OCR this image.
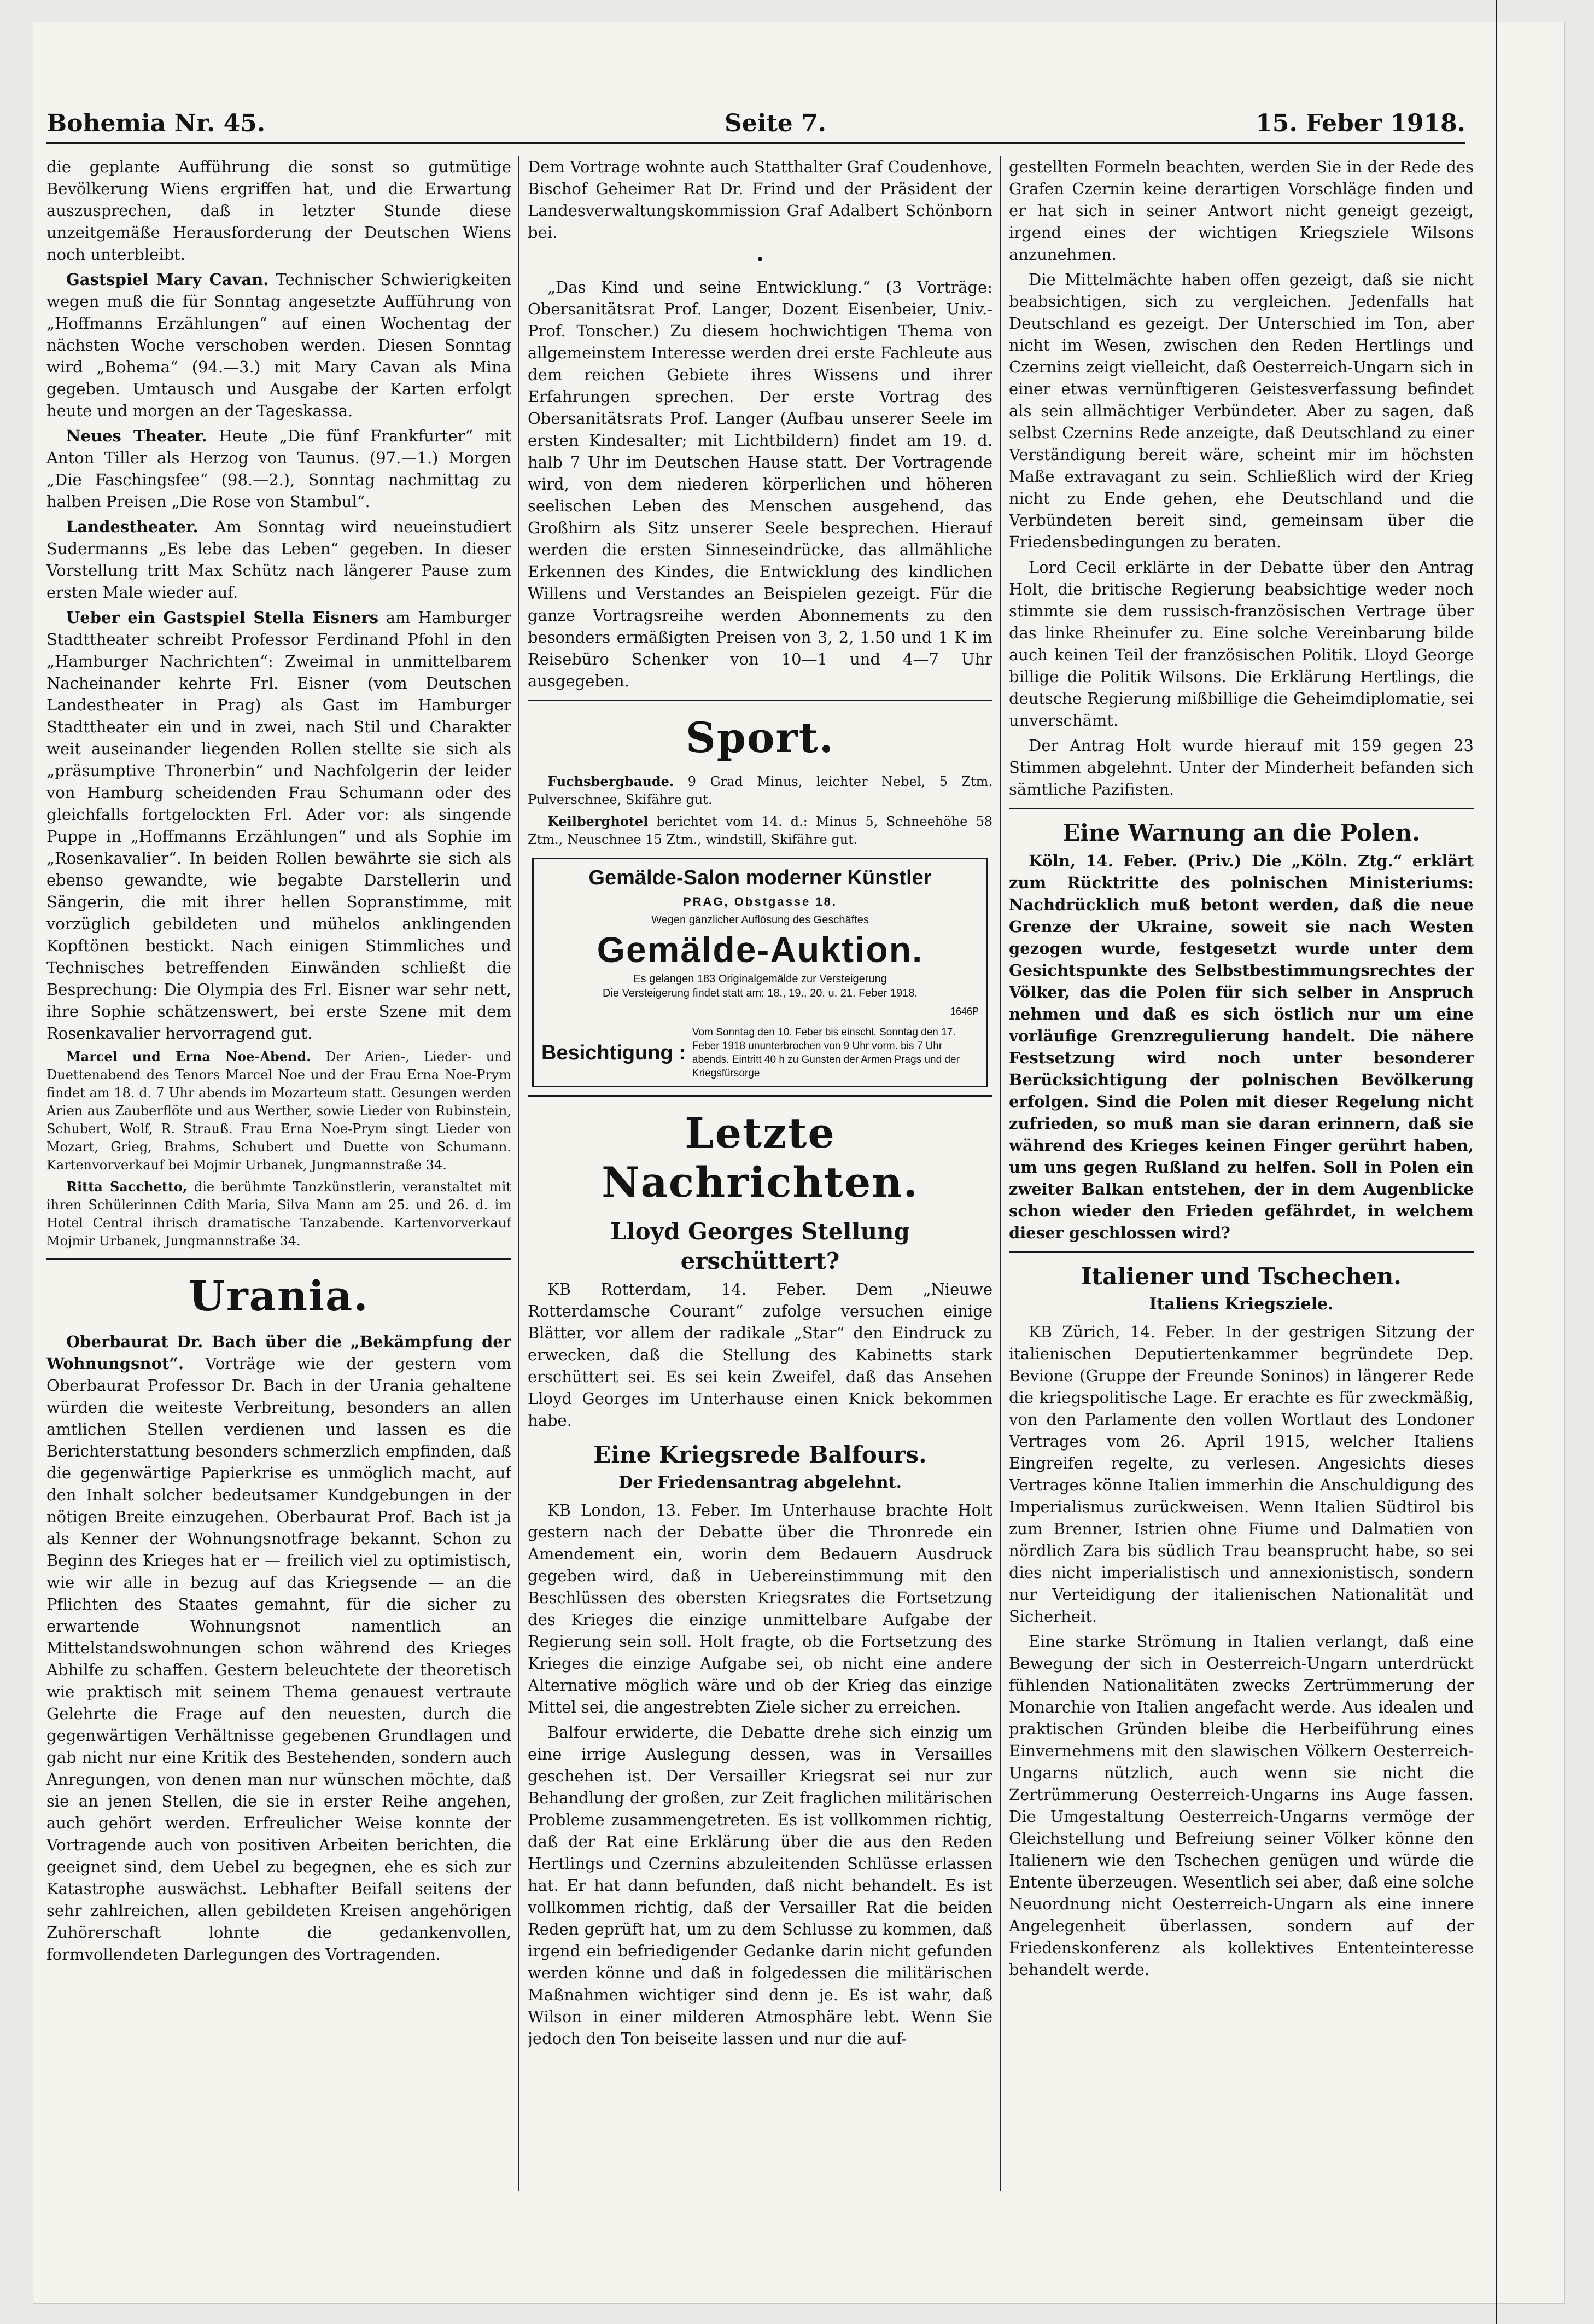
Bohemia Nr. 45.	Seite 7.	15. Feber 1918.

die geplante Aufführung die sonst so gutmütige Bevölkerung Wiens ergriffen hat, und die Erwartung auszusprechen, daß in letzter Stunde diese unzeitgemäße Herausforderung der Deutschen Wiens noch unterbleibt.

Gastspiel Mary Cavan. Technischer Schwierigkeiten wegen muß die für Sonntag angesetzte Aufführung von „Hoffmanns Erzählungen“ auf einen Wochentag der nächsten Woche verschoben werden. Diesen Sonntag wird „Bohema“ (94.—3.) mit Mary Cavan als Mina gegeben. Umtausch und Ausgabe der Karten erfolgt heute und morgen an der Tageskassa.

Neues Theater. Heute „Die fünf Frankfurter“ mit Anton Tiller als Herzog von Taunus. (97.—1.) Morgen „Die Faschingsfee“ (98.—2.), Sonntag nachmittag zu halben Preisen „Die Rose von Stambul“.

Landestheater. Am Sonntag wird neueinstudiert Sudermanns „Es lebe das Leben“ gegeben. In dieser Vorstellung tritt Max Schütz nach längerer Pause zum ersten Male wieder auf.

Ueber ein Gastspiel Stella Eisners am Hamburger Stadttheater schreibt Professor Ferdinand Pfohl in den „Hamburger Nachrichten“: Zweimal in unmittelbarem Nacheinander kehrte Frl. Eisner (vom Deutschen Landestheater in Prag) als Gast im Hamburger Stadttheater ein und in zwei, nach Stil und Charakter weit auseinander liegenden Rollen stellte sie sich als „präsumptive Thronerbin“ und Nachfolgerin der leider von Hamburg scheidenden Frau Schumann oder des gleichfalls fortgelockten Frl. Ader vor: als singende Puppe in „Hoffmanns Erzählungen“ und als Sophie im „Rosenkavalier“. In beiden Rollen bewährte sie sich als ebenso gewandte, wie begabte Darstellerin und Sängerin, die mit ihrer hellen Sopranstimme, mit vorzüglich gebildeten und mühelos anklingenden Kopftönen bestickt. Nach einigen Stimmliches und Technisches betreffenden Einwänden schließt die Besprechung: Die Olympia des Frl. Eisner war sehr nett, ihre Sophie schätzenswert, bei erste Szene mit dem Rosenkavalier hervorragend gut.

Marcel und Erna Noe-Abend. Der Arien-, Lieder- und Duettenabend des Tenors Marcel Noe und der Frau Erna Noe-Prym findet am 18. d. 7 Uhr abends im Mozarteum statt. Gesungen werden Arien aus Zauberflöte und aus Werther, sowie Lieder von Rubinstein, Schubert, Wolf, R. Strauß. Frau Erna Noe-Prym singt Lieder von Mozart, Grieg, Brahms, Schubert und Duette von Schumann. Kartenvorverkauf bei Mojmir Urbanek, Jungmannstraße 34.

Ritta Sacchetto, die berühmte Tanzkünstlerin, veranstaltet mit ihren Schülerinnen Cdith Maria, Silva Mann am 25. und 26. d. im Hotel Central ihrisch dramatische Tanzabende. Kartenvorverkauf Mojmir Urbanek, Jungmannstraße 34.

Urania.

Oberbaurat Dr. Bach über die „Bekämpfung der Wohnungsnot“. Vorträge wie der gestern vom Oberbaurat Professor Dr. Bach in der Urania gehaltene würden die weiteste Verbreitung, besonders an allen amtlichen Stellen verdienen und lassen es die Berichterstattung besonders schmerzlich empfinden, daß die gegenwärtige Papierkrise es unmöglich macht, auf den Inhalt solcher bedeutsamer Kundgebungen in der nötigen Breite einzugehen. Oberbaurat Prof. Bach ist ja als Kenner der Wohnungsnotfrage bekannt. Schon zu Beginn des Krieges hat er — freilich viel zu optimistisch, wie wir alle in bezug auf das Kriegsende — an die Pflichten des Staates gemahnt, für die sicher zu erwartende Wohnungsnot namentlich an Mittelstandswohnungen schon während des Krieges Abhilfe zu schaffen. Gestern beleuchtete der theoretisch wie praktisch mit seinem Thema genauest vertraute Gelehrte die Frage auf den neuesten, durch die gegenwärtigen Verhältnisse gegebenen Grundlagen und gab nicht nur eine Kritik des Bestehenden, sondern auch Anregungen, von denen man nur wünschen möchte, daß sie an jenen Stellen, die sie in erster Reihe angehen, auch gehört werden. Erfreulicher Weise konnte der Vortragende auch von positiven Arbeiten berichten, die geeignet sind, dem Uebel zu begegnen, ehe es sich zur Katastrophe auswächst. Lebhafter Beifall seitens der sehr zahlreichen, allen gebildeten Kreisen angehörigen Zuhörerschaft lohnte die gedankenvollen, formvollendeten Darlegungen des Vortragenden.

Dem Vortrage wohnte auch Statthalter Graf Coudenhove, Bischof Geheimer Rat Dr. Frind und der Präsident der Landesverwaltungskommission Graf Adalbert Schönborn bei.

•

„Das Kind und seine Entwicklung.“ (3 Vorträge: Obersanitätsrat Prof. Langer, Dozent Eisenbeier, Univ.-Prof. Tonscher.) Zu diesem hochwichtigen Thema von allgemeinstem Interesse werden drei erste Fachleute aus dem reichen Gebiete ihres Wissens und ihrer Erfahrungen sprechen. Der erste Vortrag des Obersanitätsrats Prof. Langer (Aufbau unserer Seele im ersten Kindesalter; mit Lichtbildern) findet am 19. d. halb 7 Uhr im Deutschen Hause statt. Der Vortragende wird, von dem niederen körperlichen und höheren seelischen Leben des Menschen ausgehend, das Großhirn als Sitz unserer Seele besprechen. Hierauf werden die ersten Sinneseindrücke, das allmähliche Erkennen des Kindes, die Entwicklung des kindlichen Willens und Verstandes an Beispielen gezeigt. Für die ganze Vortragsreihe werden Abonnements zu den besonders ermäßigten Preisen von 3, 2, 1.50 und 1 K im Reisebüro Schenker von 10—1 und 4—7 Uhr ausgegeben.

Sport.

Fuchsbergbaude. 9 Grad Minus, leichter Nebel, 5 Ztm. Pulverschnee, Skifähre gut.

Keilberghotel berichtet vom 14. d.: Minus 5, Schneehöhe 58 Ztm., Neuschnee 15 Ztm., windstill, Skifähre gut.

Gemälde-Salon moderner Künstler
PRAG, Obstgasse 18.
Wegen gänzlicher Auflösung des Geschäftes
Gemälde-Auktion.
Es gelangen 183 Originalgemälde zur Versteigerung
Die Versteigerung findet statt am: 18., 19., 20. u. 21. Feber 1918.
1646P
Besichtigung :
Vom Sonntag den 10. Feber bis einschl. Sonntag den 17. Feber 1918 ununterbrochen von 9 Uhr vorm. bis 7 Uhr abends. Eintritt 40 h zu Gunsten der Armen Prags und der Kriegsfürsorge
Letzte Nachrichten.
Lloyd Georges Stellung erschüttert?

KB Rotterdam, 14. Feber. Dem „Nieuwe Rotterdamsche Courant“ zufolge versuchen einige Blätter, vor allem der radikale „Star“ den Eindruck zu erwecken, daß die Stellung des Kabinetts stark erschüttert sei. Es sei kein Zweifel, daß das Ansehen Lloyd Georges im Unterhause einen Knick bekommen habe.

Eine Kriegsrede Balfours.
Der Friedensantrag abgelehnt.

KB London, 13. Feber. Im Unterhause brachte Holt gestern nach der Debatte über die Thronrede ein Amendement ein, worin dem Bedauern Ausdruck gegeben wird, daß in Uebereinstimmung mit den Beschlüssen des obersten Kriegsrates die Fortsetzung des Krieges die einzige unmittelbare Aufgabe der Regierung sein soll. Holt fragte, ob die Fortsetzung des Krieges die einzige Aufgabe sei, ob nicht eine andere Alternative möglich wäre und ob der Krieg das einzige Mittel sei, die angestrebten Ziele sicher zu erreichen.

Balfour erwiderte, die Debatte drehe sich einzig um eine irrige Auslegung dessen, was in Versailles geschehen ist. Der Versailler Kriegsrat sei nur zur Behandlung der großen, zur Zeit fraglichen militärischen Probleme zusammengetreten. Es ist vollkommen richtig, daß der Rat eine Erklärung über die aus den Reden Hertlings und Czernins abzuleitenden Schlüsse erlassen hat. Er hat dann befunden, daß nicht behandelt. Es ist vollkommen richtig, daß der Versailler Rat die beiden Reden geprüft hat, um zu dem Schlusse zu kommen, daß irgend ein befriedigender Gedanke darin nicht gefunden werden könne und daß in folgedessen die militärischen Maßnahmen wichtiger sind denn je. Es ist wahr, daß Wilson in einer milderen Atmosphäre lebt. Wenn Sie jedoch den Ton beiseite lassen und nur die auf-

gestellten Formeln beachten, werden Sie in der Rede des Grafen Czernin keine derartigen Vorschläge finden und er hat sich in seiner Antwort nicht geneigt gezeigt, irgend eines der wichtigen Kriegsziele Wilsons anzunehmen.

Die Mittelmächte haben offen gezeigt, daß sie nicht beabsichtigen, sich zu vergleichen. Jedenfalls hat Deutschland es gezeigt. Der Unterschied im Ton, aber nicht im Wesen, zwischen den Reden Hertlings und Czernins zeigt vielleicht, daß Oesterreich-Ungarn sich in einer etwas vernünftigeren Geistesverfassung befindet als sein allmächtiger Verbündeter. Aber zu sagen, daß selbst Czernins Rede anzeigte, daß Deutschland zu einer Verständigung bereit wäre, scheint mir im höchsten Maße extravagant zu sein. Schließlich wird der Krieg nicht zu Ende gehen, ehe Deutschland und die Verbündeten bereit sind, gemeinsam über die Friedensbedingungen zu beraten.

Lord Cecil erklärte in der Debatte über den Antrag Holt, die britische Regierung beabsichtige weder noch stimmte sie dem russisch-französischen Vertrage über das linke Rheinufer zu. Eine solche Vereinbarung bilde auch keinen Teil der französischen Politik. Lloyd George billige die Politik Wilsons. Die Erklärung Hertlings, die deutsche Regierung mißbillige die Geheimdiplomatie, sei unverschämt.

Der Antrag Holt wurde hierauf mit 159 gegen 23 Stimmen abgelehnt. Unter der Minderheit befanden sich sämtliche Pazifisten.

Eine Warnung an die Polen.

Köln, 14. Feber. (Priv.) Die „Köln. Ztg.“ erklärt zum Rücktritte des polnischen Ministeriums: Nachdrücklich muß betont werden, daß die neue Grenze der Ukraine, soweit sie nach Westen gezogen wurde, festgesetzt wurde unter dem Gesichtspunkte des Selbstbestimmungsrechtes der Völker, das die Polen für sich selber in Anspruch nehmen und daß es sich östlich nur um eine vorläufige Grenzregulierung handelt. Die nähere Festsetzung wird noch unter besonderer Berücksichtigung der polnischen Bevölkerung erfolgen. Sind die Polen mit dieser Regelung nicht zufrieden, so muß man sie daran erinnern, daß sie während des Krieges keinen Finger gerührt haben, um uns gegen Rußland zu helfen. Soll in Polen ein zweiter Balkan entstehen, der in dem Augenblicke schon wieder den Frieden gefährdet, in welchem dieser geschlossen wird?

Italiener und Tschechen.
Italiens Kriegsziele.

KB Zürich, 14. Feber. In der gestrigen Sitzung der italienischen Deputiertenkammer begründete Dep. Bevione (Gruppe der Freunde Soninos) in längerer Rede die kriegspolitische Lage. Er erachte es für zweckmäßig, von den Parlamente den vollen Wortlaut des Londoner Vertrages vom 26. April 1915, welcher Italiens Eingreifen regelte, zu verlesen. Angesichts dieses Vertrages könne Italien immerhin die Anschuldigung des Imperialismus zurückweisen. Wenn Italien Südtirol bis zum Brenner, Istrien ohne Fiume und Dalmatien von nördlich Zara bis südlich Trau beansprucht habe, so sei dies nicht imperialistisch und annexionistisch, sondern nur Verteidigung der italienischen Nationalität und Sicherheit.

Eine starke Strömung in Italien verlangt, daß eine Bewegung der sich in Oesterreich-Ungarn unterdrückt fühlenden Nationalitäten zwecks Zertrümmerung der Monarchie von Italien angefacht werde. Aus idealen und praktischen Gründen bleibe die Herbeiführung eines Einvernehmens mit den slawischen Völkern Oesterreich-Ungarns nützlich, auch wenn sie nicht die Zertrümmerung Oesterreich-Ungarns ins Auge fassen. Die Umgestaltung Oesterreich-Ungarns vermöge der Gleichstellung und Befreiung seiner Völker könne den Italienern wie den Tschechen genügen und würde die Entente überzeugen. Wesentlich sei aber, daß eine solche Neuordnung nicht Oesterreich-Ungarn als eine innere Angelegenheit überlassen, sondern auf der Friedenskonferenz als kollektives Ententeinteresse behandelt werde.
